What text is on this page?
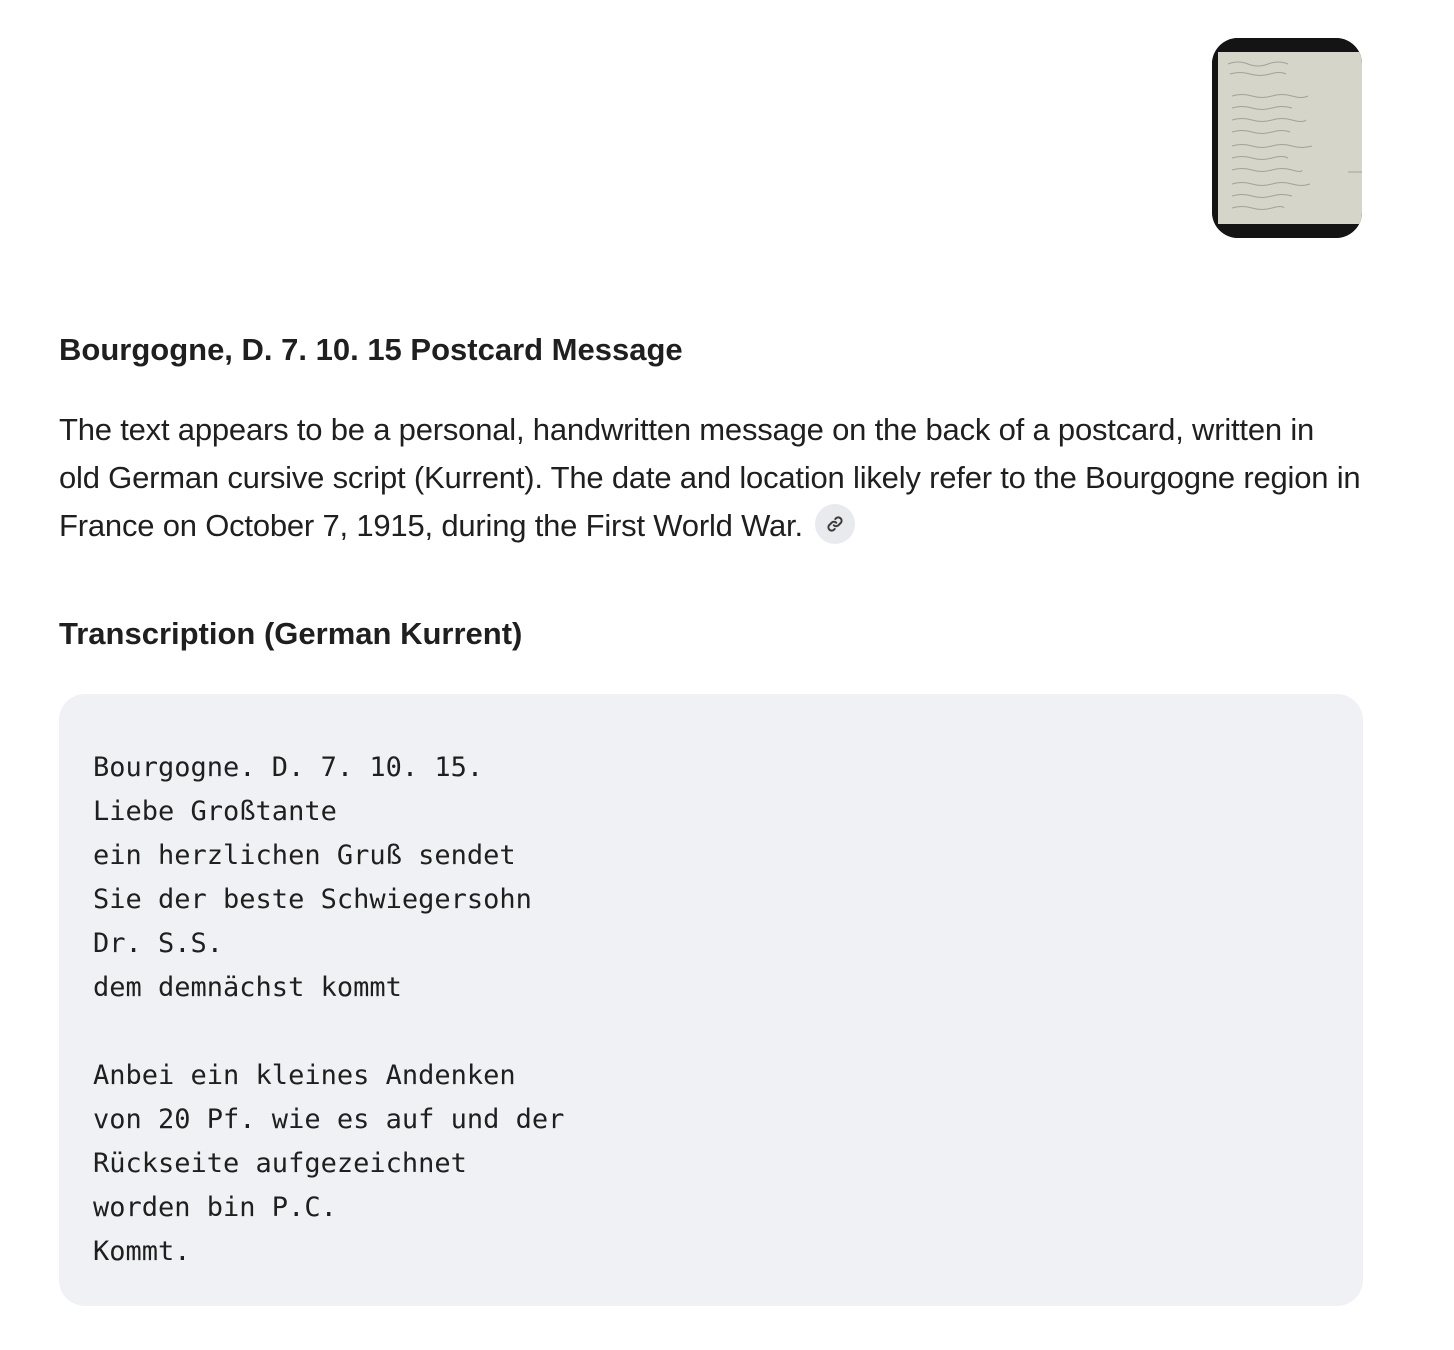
Bourgogne, D. 7. 10. 15 Postcard Message

The text appears to be a personal, handwritten message on the back of a postcard, written in old German cursive script (Kurrent). The date and location likely refer to the Bourgogne region in France on October 7, 1915, during the First World War.

Transcription (German Kurrent)
Bourgogne. D. 7. 10. 15.
Liebe Großtante
ein herzlichen Gruß sendet
Sie der beste Schwiegersohn
Dr. S.S.
dem demnächst kommt

Anbei ein kleines Andenken
von 20 Pf. wie es auf und der
Rückseite aufgezeichnet
worden bin P.C.
Kommt.
